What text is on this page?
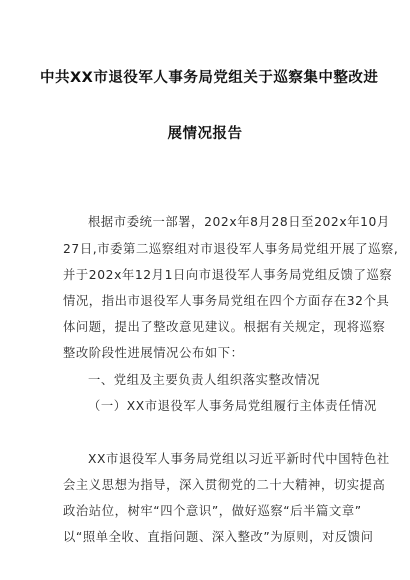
中共XX市退役军人事务局党组关于巡察集中整改进
展情况报告
根据市委统一部署，202x年8月28日至202x年10月
27日,市委第二巡察组对市退役军人事务局党组开展了巡察,
并于202x年12月1日向市退役军人事务局党组反馈了巡察
情况，指出市退役军人事务局党组在四个方面存在32个具
体问题，提出了整改意见建议。根据有关规定，现将巡察
整改阶段性进展情况公布如下：
一、党组及主要负责人组织落实整改情况
（一）XX市退役军人事务局党组履行主体责任情况
XX市退役军人事务局党组以习近平新时代中国特色社
会主义思想为指导，深入贯彻党的二十大精神，切实提高
政治站位，树牢“四个意识”，做好巡察“后半篇文章”
以“照单全收、直指问题、深入整改”为原则，对反馈问
